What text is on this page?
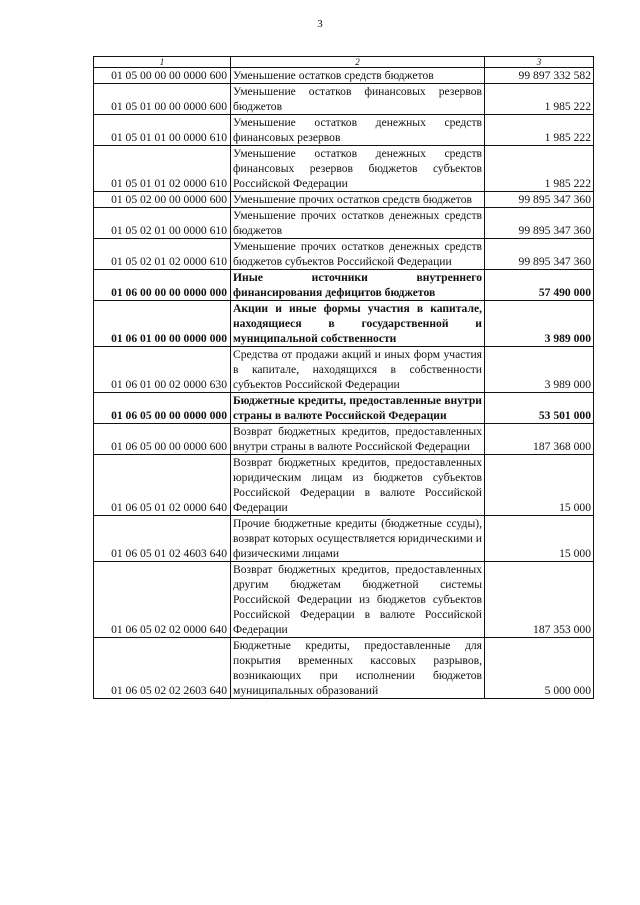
3
1	2	3
01 05 00 00 00 0000 600	Уменьшение остатков средств бюджетов	99 897 332 582
01 05 01 00 00 0000 600	Уменьшение остатков финансовых резервов бюджетов	1 985 222
01 05 01 01 00 0000 610	Уменьшение остатков денежных средств финансовых резервов	1 985 222
01 05 01 01 02 0000 610	Уменьшение остатков денежных средств финансовых резервов бюджетов субъектов Российской Федерации	1 985 222
01 05 02 00 00 0000 600	Уменьшение прочих остатков средств бюджетов	99 895 347 360
01 05 02 01 00 0000 610	Уменьшение прочих остатков денежных средств бюджетов	99 895 347 360
01 05 02 01 02 0000 610	Уменьшение прочих остатков денежных средств бюджетов субъектов Российской Федерации	99 895 347 360
01 06 00 00 00 0000 000	Иные источники внутреннего финансирования дефицитов бюджетов	57 490 000
01 06 01 00 00 0000 000	Акции и иные формы участия в капитале, находящиеся в государственной и муниципальной собственности	3 989 000
01 06 01 00 02 0000 630	Средства от продажи акций и иных форм участия в капитале, находящихся в собственности субъектов Российской Федерации	3 989 000
01 06 05 00 00 0000 000	Бюджетные кредиты, предоставленные внутри страны в валюте Российской Федерации	53 501 000
01 06 05 00 00 0000 600	Возврат бюджетных кредитов, предоставленных внутри страны в валюте Российской Федерации	187 368 000
01 06 05 01 02 0000 640	Возврат бюджетных кредитов, предоставленных юридическим лицам из бюджетов субъектов Российской Федерации в валюте Российской Федерации	15 000
01 06 05 01 02 4603 640	Прочие бюджетные кредиты (бюджетные ссуды), возврат которых осуществляется юридическими и физическими лицами	15 000
01 06 05 02 02 0000 640	Возврат бюджетных кредитов, предоставленных другим бюджетам бюджетной системы Российской Федерации из бюджетов субъектов Российской Федерации в валюте Российской Федерации	187 353 000
01 06 05 02 02 2603 640	Бюджетные кредиты, предоставленные для покрытия временных кассовых разрывов, возникающих при исполнении бюджетов муниципальных образований	5 000 000
